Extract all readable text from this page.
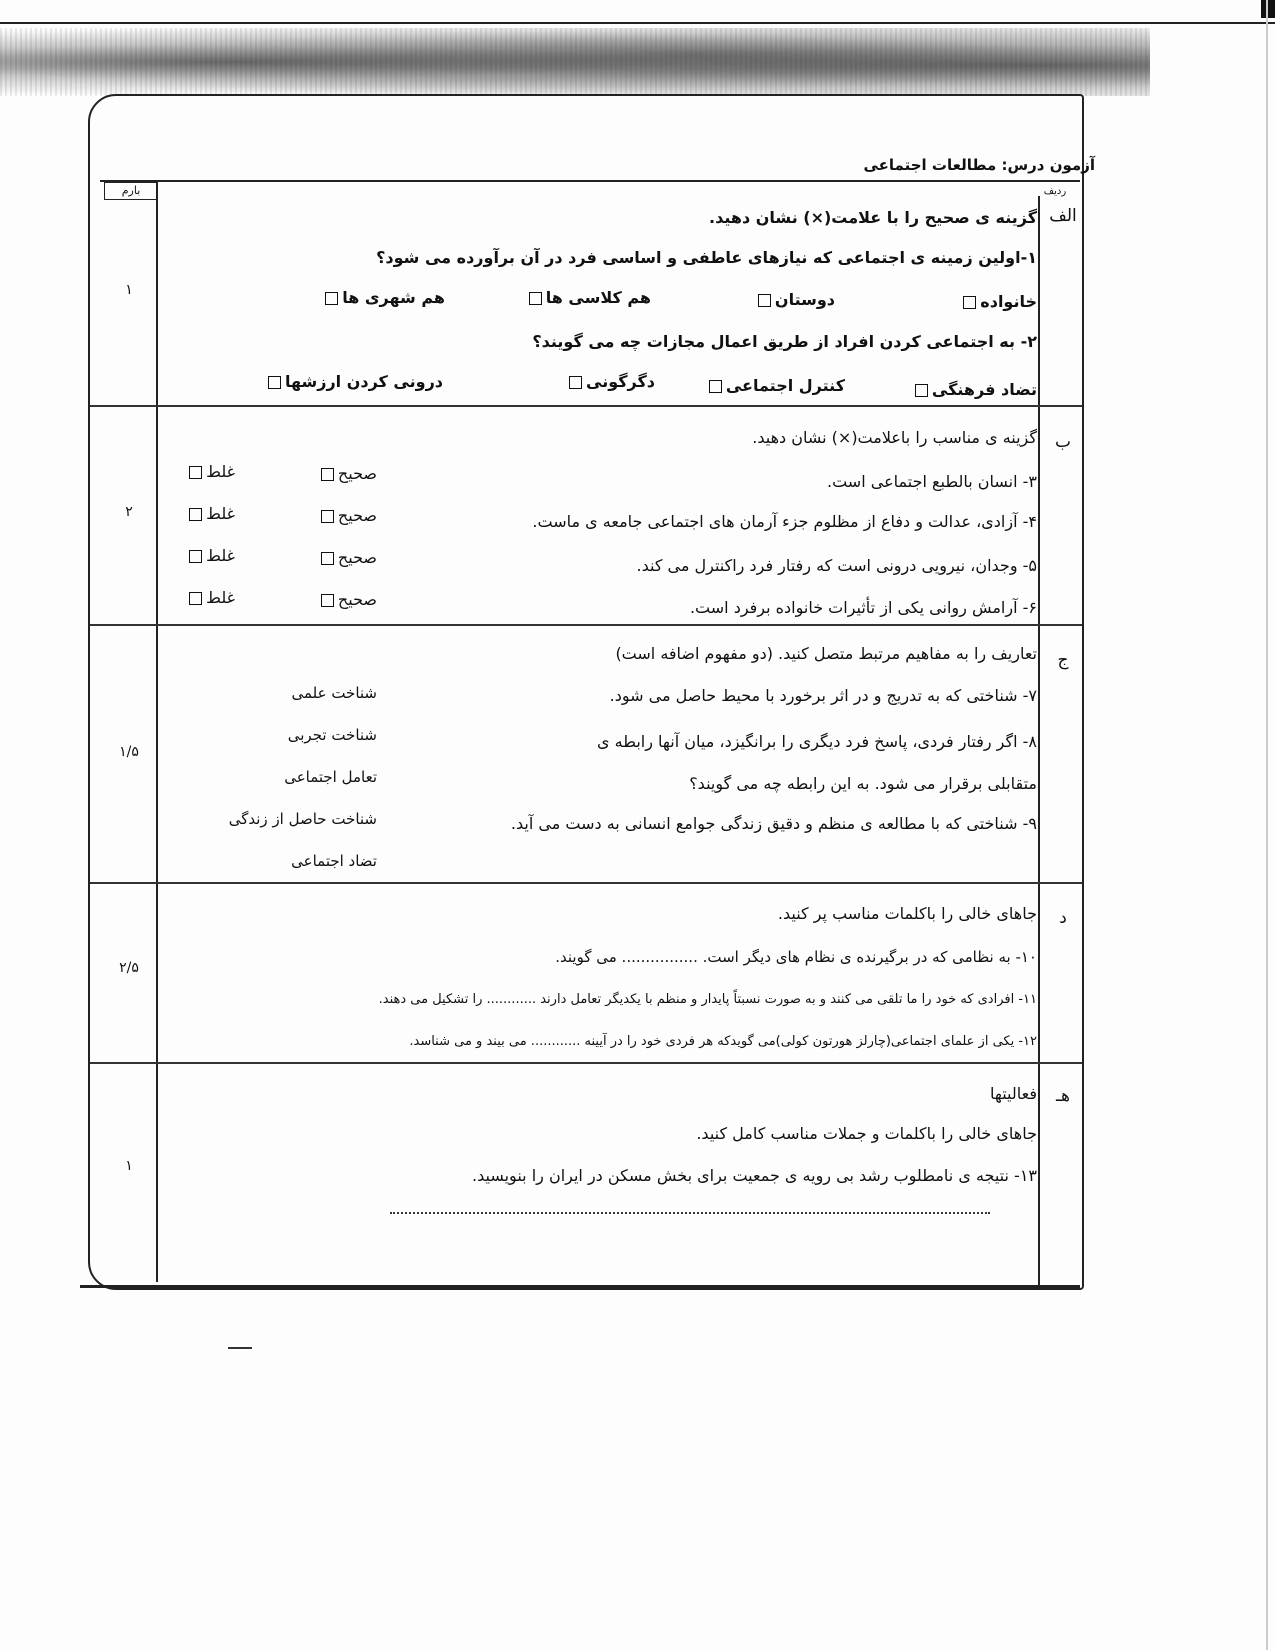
آزمون درس: مطالعات اجتماعی
بارم	ردیف
الف
۱
گزینه ی صحیح را با علامت(×) نشان دهید.
۱-اولین زمینه ی اجتماعی که نیازهای عاطفی و اساسی فرد در آن برآورده می شود؟
خانواده
دوستان
هم کلاسی ها
هم شهری ها
۲- به اجتماعی کردن افراد از طریق اعمال مجازات چه می گویند؟
تضاد فرهنگی
کنترل اجتماعی
دگرگونی
درونی کردن ارزشها
ب
۲
گزینه ی مناسب را باعلامت(×) نشان دهید.
۳- انسان بالطبع اجتماعی است.
صحیح
غلط
۴- آزادی، عدالت و دفاع از مظلوم جزء آرمان های اجتماعی جامعه ی ماست.
صحیح
غلط
۵- وجدان، نیرویی درونی است که رفتار فرد راکنترل می کند.
صحیح
غلط
۶- آرامش روانی یکی از تأثیرات خانواده برفرد است.
صحیح
غلط
ج
۱/۵
تعاریف را به مفاهیم مرتبط متصل کنید. (دو مفهوم اضافه است)
۷- شناختی که به تدریج و در اثر برخورد با محیط حاصل می شود.
۸- اگر رفتار فردی، پاسخ فرد دیگری را برانگیزد، میان آنها رابطه ی
متقابلی برقرار می شود. به این رابطه چه می گویند؟
۹- شناختی که با مطالعه ی منظم و دقیق زندگی جوامع انسانی به دست می آید.
شناخت علمی
شناخت تجربی
تعامل اجتماعی
شناخت حاصل از زندگی
تضاد اجتماعی
د
۲/۵
جاهای خالی را باکلمات مناسب پر کنید.
۱۰- به نظامی که در برگیرنده ی نظام های دیگر است. ................ می گویند.
۱۱- افرادی که خود را ما تلقی می کنند و به صورت نسبتاً پایدار و منظم با یکدیگر تعامل دارند ............ را تشکیل می دهند.
۱۲- یکی از علمای اجتماعی(چارلز هورتون کولی)می گویدکه هر فردی خود را در آیینه ............ می بیند و می شناسد.
هـ
۱
فعالیتها
جاهای خالی را باکلمات و جملات مناسب کامل کنید.
۱۳- نتیجه ی نامطلوب رشد بی رویه ی جمعیت برای بخش مسکن در ایران را بنویسید.
